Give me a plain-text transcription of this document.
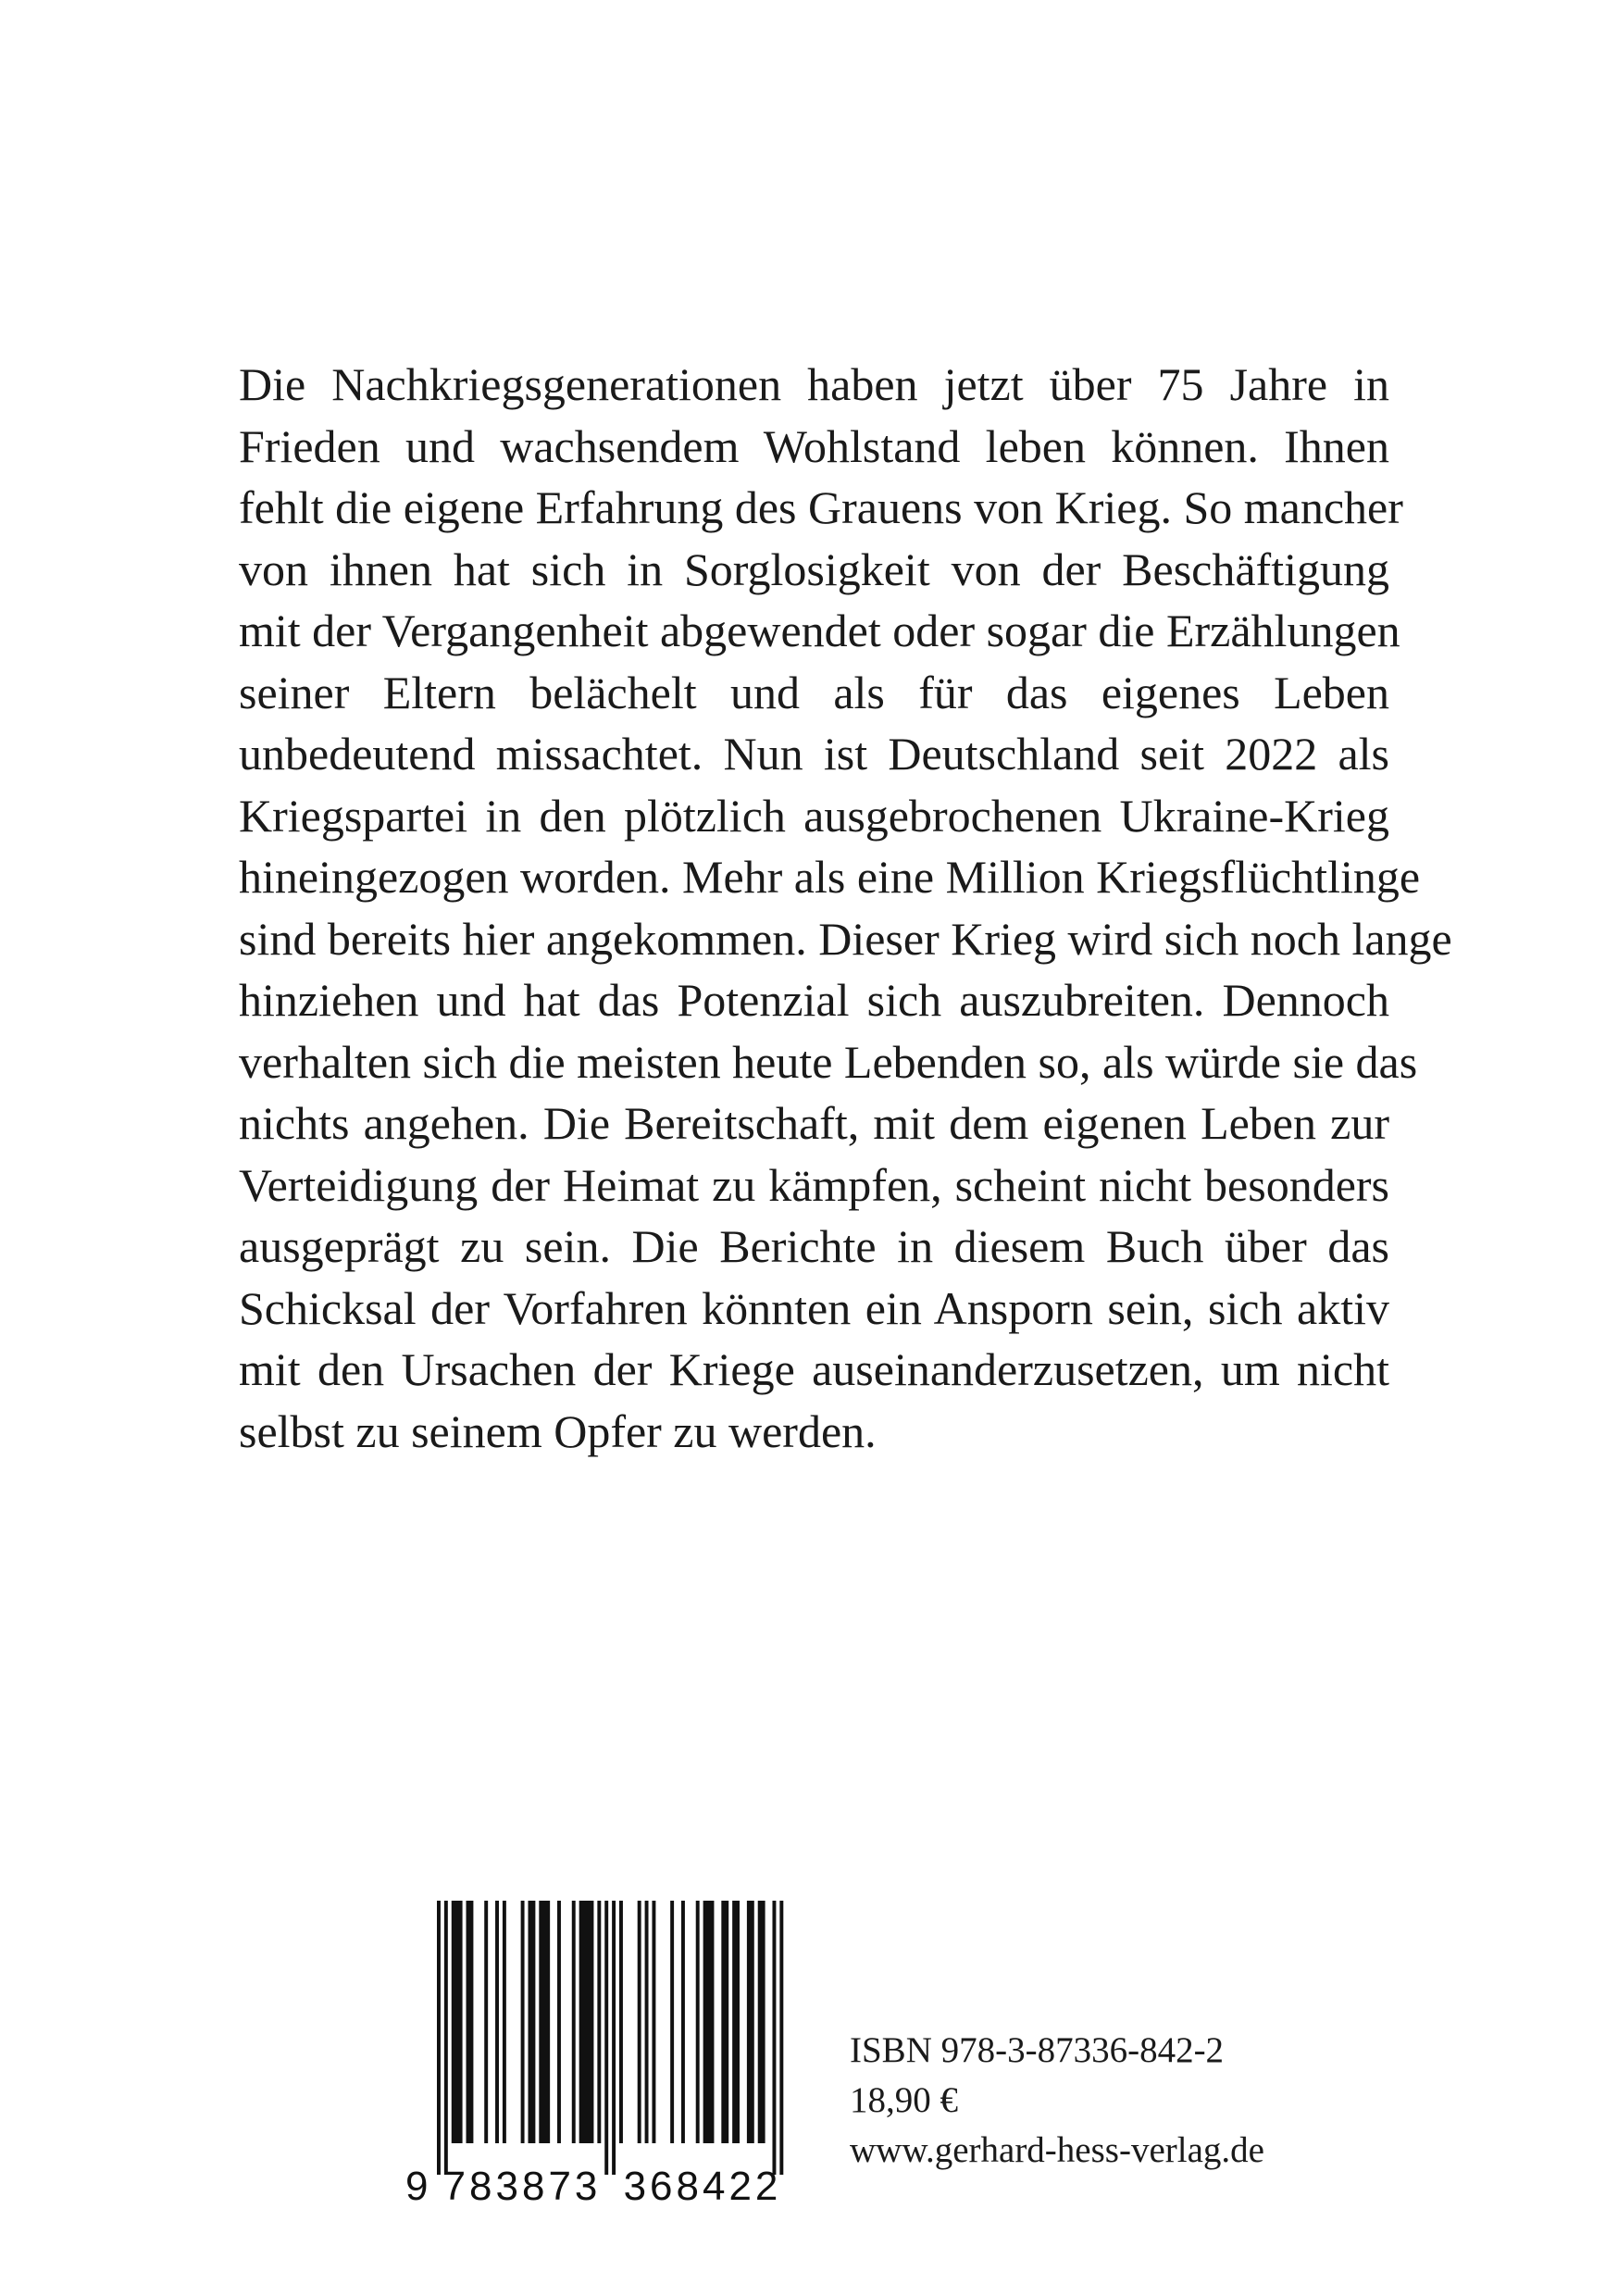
Die Nachkriegsgenerationen haben jetzt über 75 Jahre in
Frieden und wachsendem Wohlstand leben können. Ihnen
fehlt die eigene Erfahrung des Grauens von Krieg. So mancher
von ihnen hat sich in Sorglosigkeit von der Beschäftigung
mit der Vergangenheit abgewendet oder sogar die Erzählungen
seiner Eltern belächelt und als für das eigenes Leben
unbedeutend missachtet. Nun ist Deutschland seit 2022 als
Kriegspartei in den plötzlich ausgebrochenen Ukraine-Krieg
hineingezogen worden. Mehr als eine Million Kriegsflüchtlinge
sind bereits hier angekommen. Dieser Krieg wird sich noch lange
hinziehen und hat das Potenzial sich auszubreiten. Dennoch
verhalten sich die meisten heute Lebenden so, als würde sie das
nichts angehen. Die Bereitschaft, mit dem eigenen Leben zur
Verteidigung der Heimat zu kämpfen, scheint nicht besonders
ausgeprägt zu sein. Die Berichte in diesem Buch über das
Schicksal der Vorfahren könnten ein Ansporn sein, sich aktiv
mit den Ursachen der Kriege auseinanderzusetzen, um nicht
selbst zu seinem Opfer zu werden.
9 783873 368422
ISBN 978-3-87336-842-2
18,90 €
www.gerhard-hess-verlag.de
